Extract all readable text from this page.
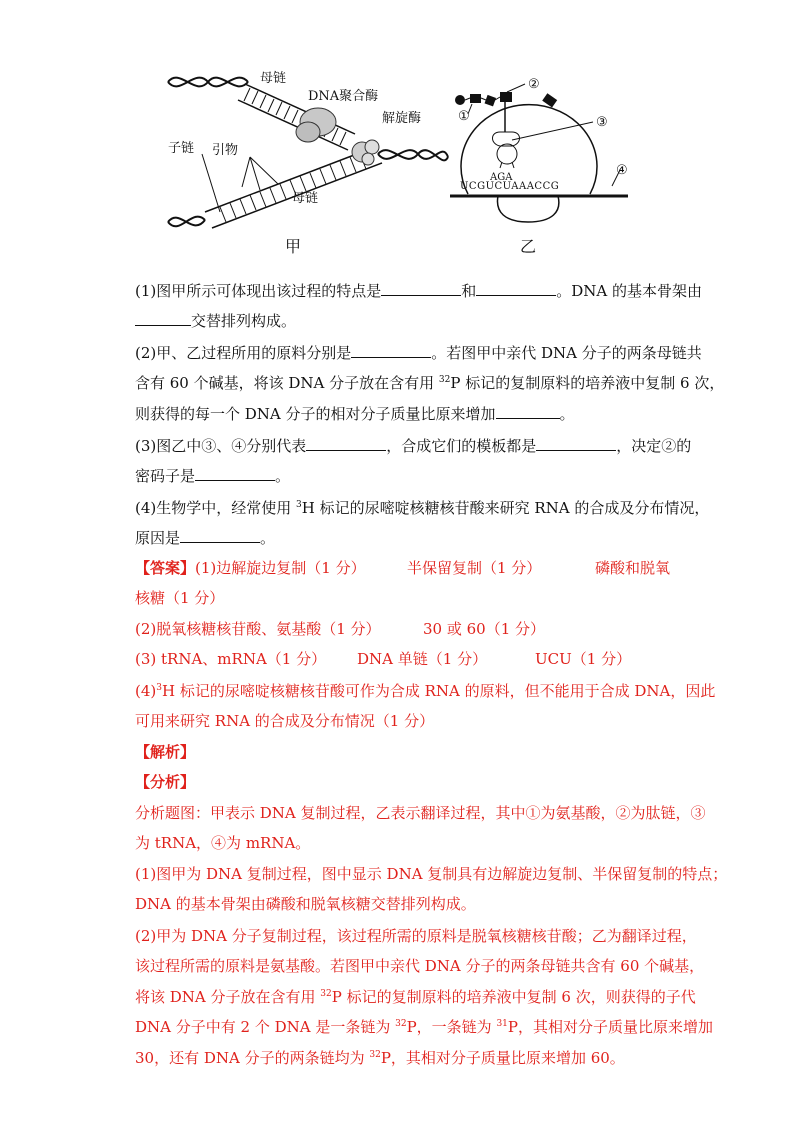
母链
DNA聚合酶
解旋酶
子链 引物
母链
甲
AGA
UCGUCUAAACCG
①
②
③
④
乙
(1)图甲所示可体现出该过程的特点是	和	。DNA 的基本骨架由
交替排列构成。
(2)甲、乙过程所用的原料分别是	。若图甲中亲代 DNA 分子的两条母链共
含有 60 个碱基，将该 DNA 分子放在含有用 $^{32}$P 标记的复制原料的培养液中复制 6 次，
则获得的每一个 DNA 分子的相对分子质量比原来增加	。
(3)图乙中③、④分别代表	，合成它们的模板都是	，决定②的
密码子是	。
(4)生物学中，经常使用 $^3$H 标记的尿嘧啶核糖核苷酸来研究 RNA 的合成及分布情况，
原因是	。
【答案】(1)边解旋边复制（1 分）	半保留复制（1 分）	磷酸和脱氧
核糖（1 分）
(2)脱氧核糖核苷酸、氨基酸（1 分）	30 或 60（1 分）
(3) tRNA、mRNA（1 分） DNA 单链（1 分）	UCU（1 分）
$(4)^3H$ 标记的尿嘧啶核糖核苷酸可作为合成 RNA 的原料，但不能用于合成 DNA，因此
可用来研究 RNA 的合成及分布情况（1 分）
【解析】
【分析】
分析题图：甲表示 DNA 复制过程，乙表示翻译过程，其中①为氨基酸，②为肽链，③
为 tRNA，④为 mRNA。
(1)图甲为 DNA 复制过程，图中显示 DNA 复制具有边解旋边复制、半保留复制的特点；
DNA 的基本骨架由磷酸和脱氧核糖交替排列构成。
(2)甲为 DNA 分子复制过程，该过程所需的原料是脱氧核糖核苷酸；乙为翻译过程，
该过程所需的原料是氨基酸。若图甲中亲代 DNA 分子的两条母链共含有 60 个碱基，
将该 DNA 分子放在含有用 $^{32}$P 标记的复制原料的培养液中复制 6 次，则获得的子代
DNA 分子中有 2 个 DNA 是一条链为 $^{32}$P，一条链为 $^{31}$P，其相对分子质量比原来增加
30，还有 DNA 分子的两条链均为 $^{32}$P，其相对分子质量比原来增加 60。
